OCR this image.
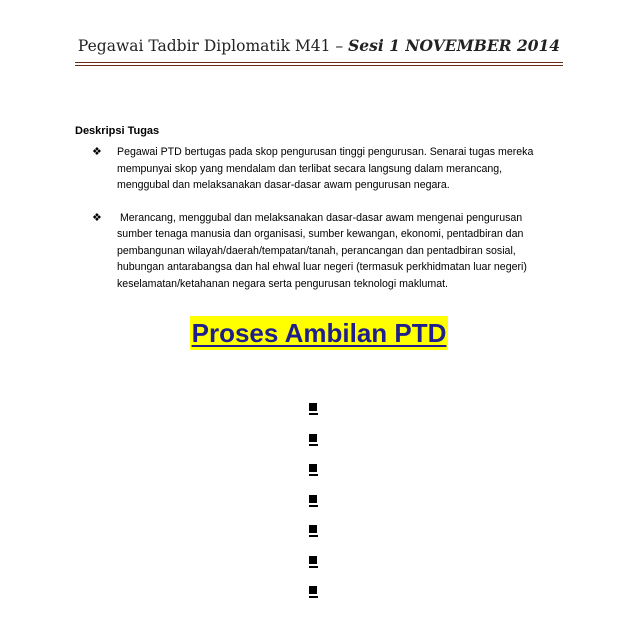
Pegawai Tadbir Diplomatik M41 – Sesi 1 NOVEMBER 2014
Deskripsi Tugas
❖ Pegawai PTD bertugas pada skop pengurusan tinggi pengurusan. Senarai tugas mereka
mempunyai skop yang mendalam dan terlibat secara langsung dalam merancang,
menggubal dan melaksanakan dasar-dasar awam pengurusan negara.
❖ Merancang, menggubal dan melaksanakan dasar-dasar awam mengenai pengurusan
sumber tenaga manusia dan organisasi, sumber kewangan, ekonomi, pentadbiran dan
pembangunan wilayah/daerah/tempatan/tanah, perancangan dan pentadbiran sosial,
hubungan antarabangsa dan hal ehwal luar negeri (termasuk perkhidmatan luar negeri)
keselamatan/ketahanan negara serta pengurusan teknologi maklumat.
Proses Ambilan PTD
